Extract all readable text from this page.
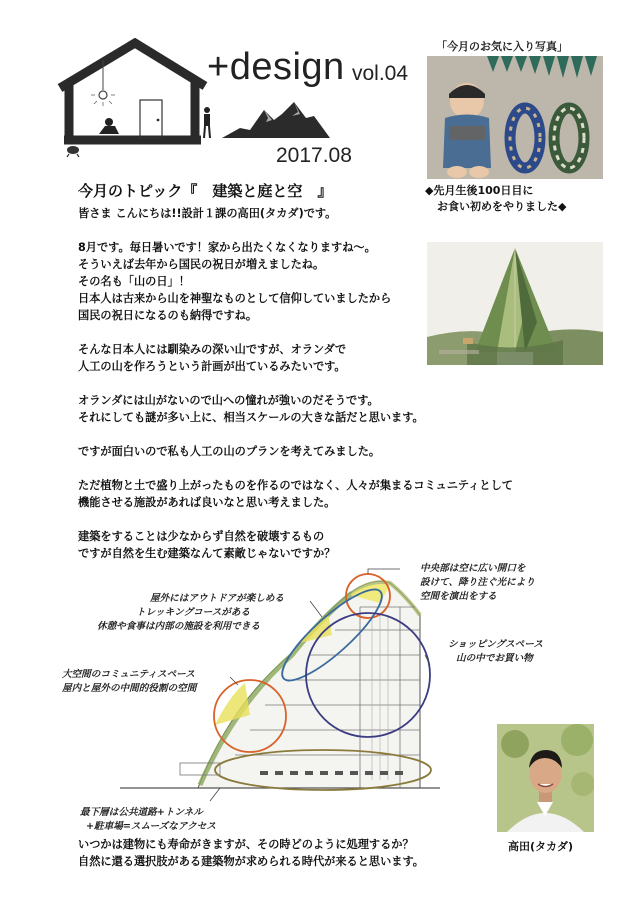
+design vol.04
2017.08
「今月のお気に入り写真」
◆先月生後100日目に
お食い初めをやりました◆
今月のトピック『　建築と庭と空　』

皆さま こんにちは!!設計１課の高田(タカダ)です。

8月です。毎日暑いです！家から出たくなくなりますね～。

そういえば去年から国民の祝日が増えましたね。

その名も「山の日」！

日本人は古来から山を神聖なものとして信仰していましたから

国民の祝日になるのも納得ですね。

そんな日本人には馴染みの深い山ですが、オランダで

人工の山を作ろうという計画が出ているみたいです。

オランダには山がないので山への憧れが強いのだそうです。

それにしても謎が多い上に、相当スケールの大きな話だと思います。

ですが面白いので私も人工の山のプランを考えてみました。

ただ植物と土で盛り上がったものを作るのではなく、人々が集まるコミュニティとして

機能させる施設があれば良いなと思い考えました。

建築をすることは少なからず自然を破壊するもの

ですが自然を生む建築なんて素敵じゃないですか？

中央部は空に広い開口を
設けて、降り注ぐ光により
空間を演出をする
屋外にはアウトドアが楽しめる
トレッキングコースがある
休憩や食事は内部の施設を利用できる
ショッピングスペース
山の中でお買い物
大空間のコミュニティスペース
屋内と屋外の中間的役割の空間
最下層は公共道路+トンネル
+駐車場=スムーズなアクセス

いつかは建物にも寿命がきますが、その時どのように処理するか？

自然に還る選択肢がある建築物が求められる時代が来ると思います。

高田(タカダ)
